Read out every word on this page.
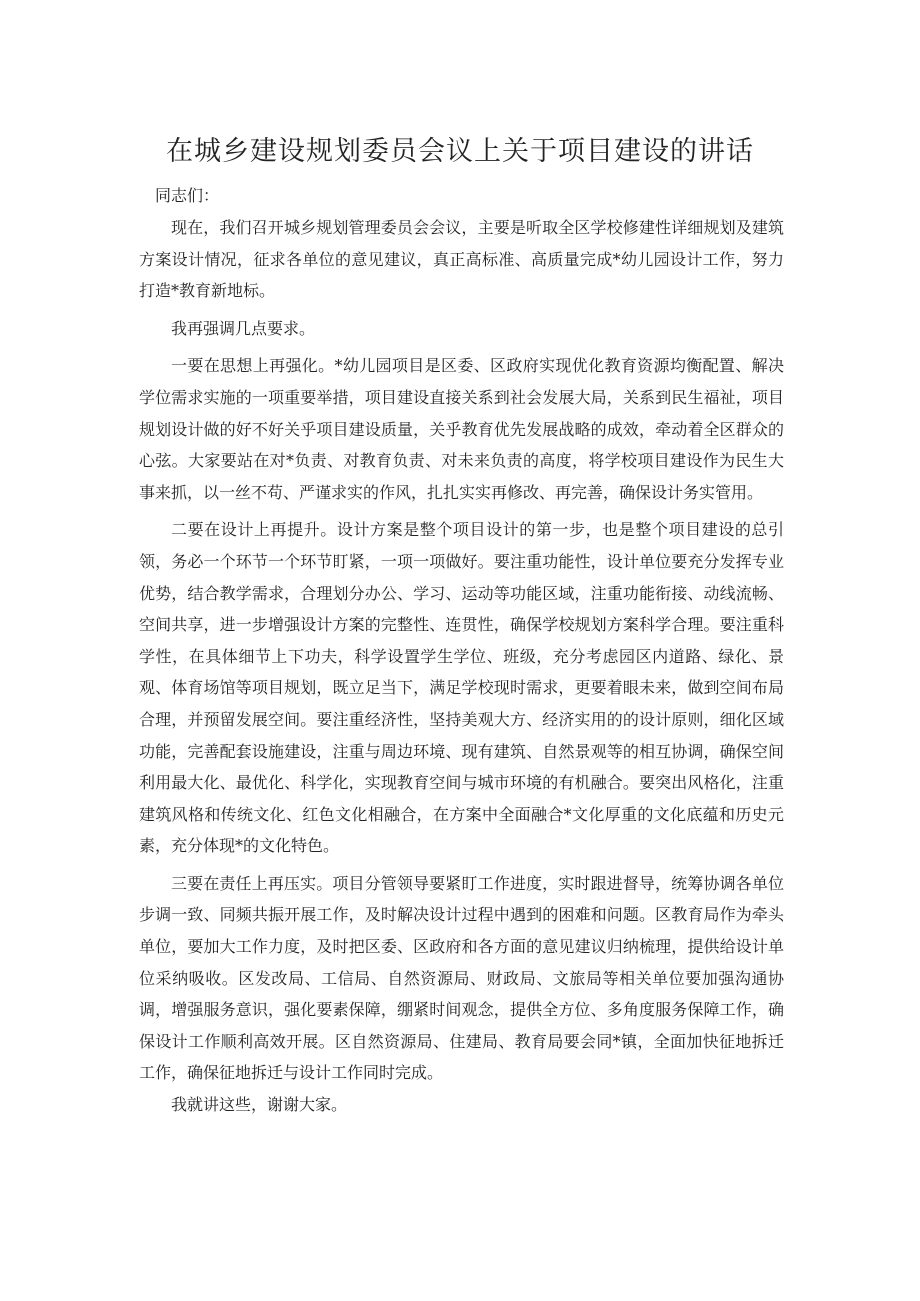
在城乡建设规划委员会议上关于项目建设的讲话

同志们：

现在，我们召开城乡规划管理委员会会议，主要是听取全区学校修建性详细规划及建筑方案设计情况，征求各单位的意见建议，真正高标准、高质量完成*幼儿园设计工作，努力打造*教育新地标。

我再强调几点要求。

一要在思想上再强化。*幼儿园项目是区委、区政府实现优化教育资源均衡配置、解决学位需求实施的一项重要举措，项目建设直接关系到社会发展大局，关系到民生福祉，项目规划设计做的好不好关乎项目建设质量，关乎教育优先发展战略的成效，牵动着全区群众的心弦。大家要站在对*负责、对教育负责、对未来负责的高度，将学校项目建设作为民生大事来抓，以一丝不苟、严谨求实的作风，扎扎实实再修改、再完善，确保设计务实管用。

二要在设计上再提升。设计方案是整个项目设计的第一步，也是整个项目建设的总引领，务必一个环节一个环节盯紧，一项一项做好。要注重功能性，设计单位要充分发挥专业优势，结合教学需求，合理划分办公、学习、运动等功能区域，注重功能衔接、动线流畅、空间共享，进一步增强设计方案的完整性、连贯性，确保学校规划方案科学合理。要注重科学性，在具体细节上下功夫，科学设置学生学位、班级，充分考虑园区内道路、绿化、景观、体育场馆等项目规划，既立足当下，满足学校现时需求，更要着眼未来，做到空间布局合理，并预留发展空间。要注重经济性，坚持美观大方、经济实用的的设计原则，细化区域功能，完善配套设施建设，注重与周边环境、现有建筑、自然景观等的相互协调，确保空间利用最大化、最优化、科学化，实现教育空间与城市环境的有机融合。要突出风格化，注重建筑风格和传统文化、红色文化相融合，在方案中全面融合*文化厚重的文化底蕴和历史元素，充分体现*的文化特色。

三要在责任上再压实。项目分管领导要紧盯工作进度，实时跟进督导，统筹协调各单位步调一致、同频共振开展工作，及时解决设计过程中遇到的困难和问题。区教育局作为牵头单位，要加大工作力度，及时把区委、区政府和各方面的意见建议归纳梳理，提供给设计单位采纳吸收。区发改局、工信局、自然资源局、财政局、文旅局等相关单位要加强沟通协调，增强服务意识，强化要素保障，绷紧时间观念，提供全方位、多角度服务保障工作，确保设计工作顺利高效开展。区自然资源局、住建局、教育局要会同*镇，全面加快征地拆迁工作，确保征地拆迁与设计工作同时完成。

我就讲这些，谢谢大家。
